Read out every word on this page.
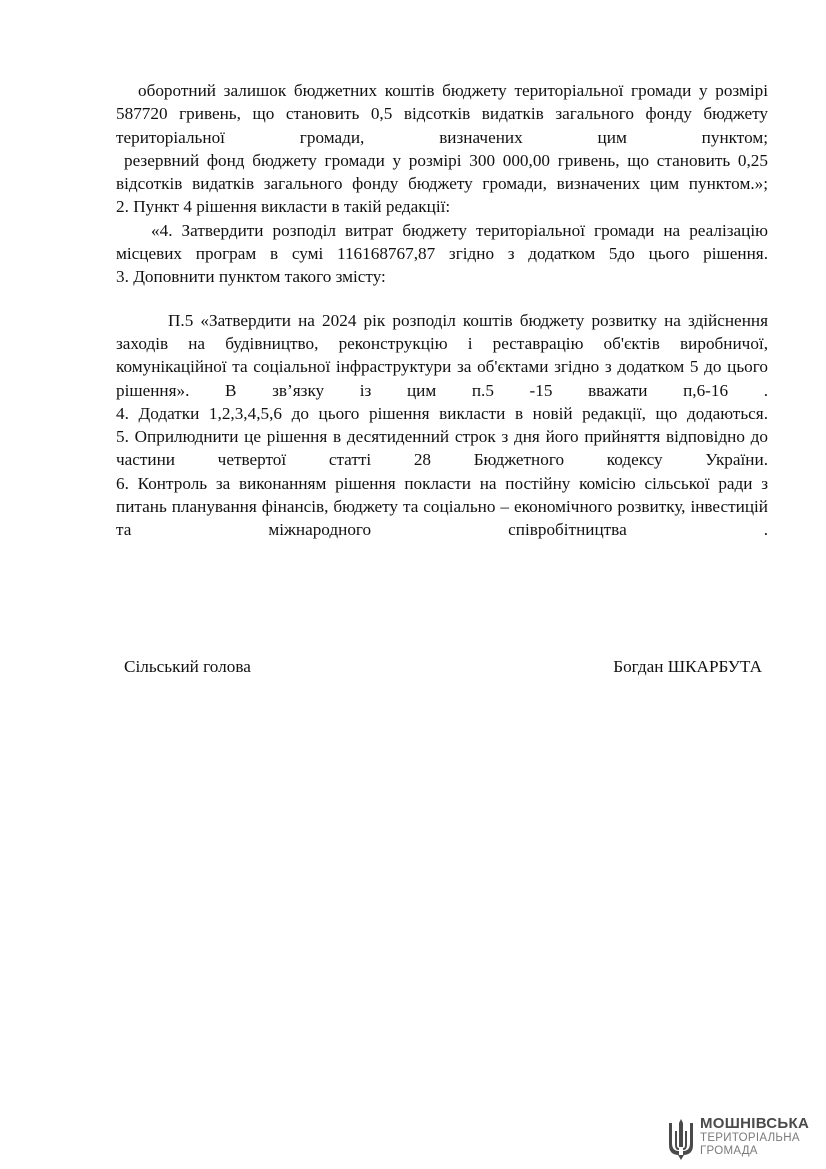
оборотний залишок бюджетних коштів бюджету територіальної громади у розмірі 587720 гривень, що становить 0,5 відсотків видатків загального фонду бюджету територіальної громади, визначених цим пунктом;

резервний фонд бюджету громади у розмірі 300 000,00 гривень, що становить 0,25 відсотків видатків загального фонду бюджету громади, визначених цим пунктом.»;

2. Пункт 4 рішення викласти в такій редакції:

«4. Затвердити розподіл витрат бюджету територіальної громади на реалізацію місцевих програм в сумі 116168767,87 згідно з додатком 5до цього рішення.

3. Доповнити пунктом такого змісту:

П.5 «Затвердити на 2024 рік розподіл коштів бюджету розвитку на здійснення заходів на будівництво, реконструкцію і реставрацію об'єктів виробничої, комунікаційної та соціальної інфраструктури за об'єктами згідно з додатком 5 до цього рішення». В зв’язку із цим п.5 -15 вважати п,6-16 .

4. Додатки 1,2,3,4,5,6 до цього рішення викласти в новій редакції, що додаються.

5. Оприлюднити це рішення в десятиденний строк з дня його прийняття відповідно до частини четвертої статті 28 Бюджетного кодексу України.

6. Контроль за виконанням рішення покласти на постійну комісію сільської ради з питань планування фінансів, бюджету та соціально – економічного розвитку, інвестицій та міжнародного співробітництва .

Сільський голова	Богдан ШКАРБУТА
МОШНІВСЬКА
ТЕРИТОРІАЛЬНА
ГРОМАДА
